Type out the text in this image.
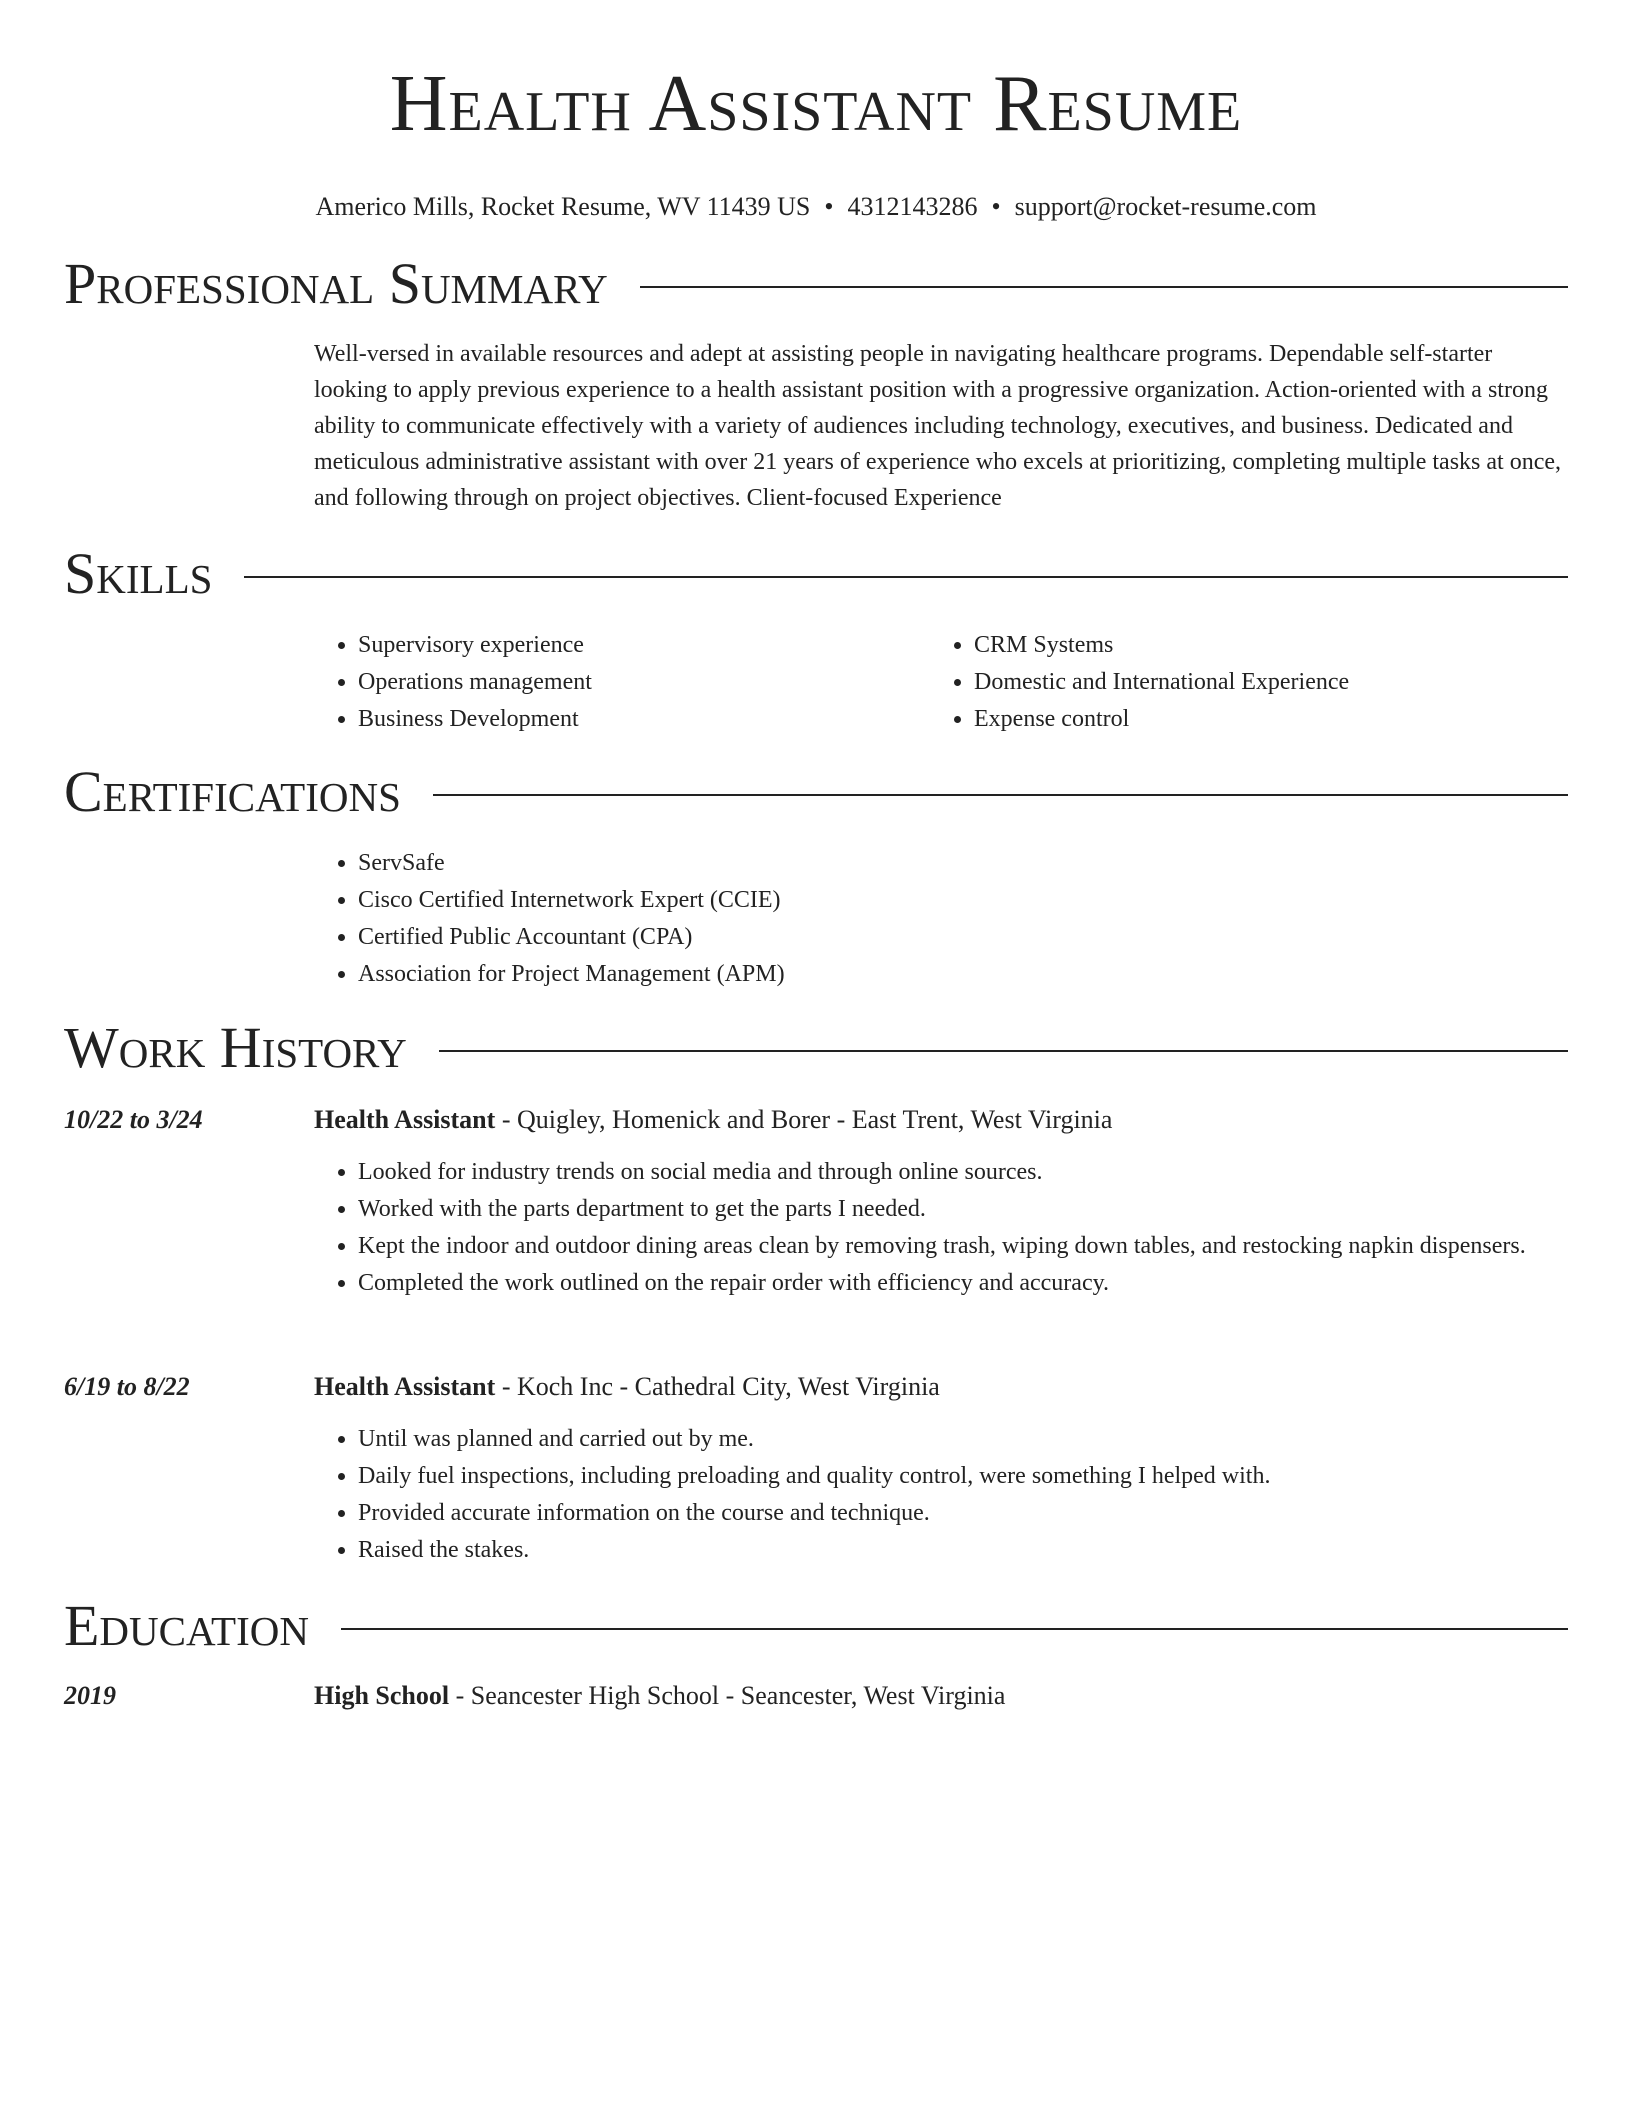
Health Assistant Resume
Americo Mills, Rocket Resume, WV 11439 US • 4312143286 • support@rocket-resume.com
Professional Summary

Well-versed in available resources and adept at assisting people in navigating healthcare programs. Dependable self-starter looking to apply previous experience to a health assistant position with a progressive organization. Action-oriented with a strong ability to communicate effectively with a variety of audiences including technology, executives, and business. Dedicated and meticulous administrative assistant with over 21 years of experience who excels at prioritizing, completing multiple tasks at once, and following through on project objectives. Client-focused Experience

Skills
• Supervisory experience
• Operations management
• Business Development
• CRM Systems
• Domestic and International Experience
• Expense control
Certifications
• ServSafe
• Cisco Certified Internetwork Expert (CCIE)
• Certified Public Accountant (CPA)
• Association for Project Management (APM)
Work History
10/22 to 3/24	Health Assistant - Quigley, Homenick and Borer - East Trent, West Virginia
• Looked for industry trends on social media and through online sources.
• Worked with the parts department to get the parts I needed.
• Kept the indoor and outdoor dining areas clean by removing trash, wiping down tables, and restocking napkin dispensers.
• Completed the work outlined on the repair order with efficiency and accuracy.
6/19 to 8/22	Health Assistant - Koch Inc - Cathedral City, West Virginia
• Until was planned and carried out by me.
• Daily fuel inspections, including preloading and quality control, were something I helped with.
• Provided accurate information on the course and technique.
• Raised the stakes.
Education
2019	High School - Seancester High School - Seancester, West Virginia
